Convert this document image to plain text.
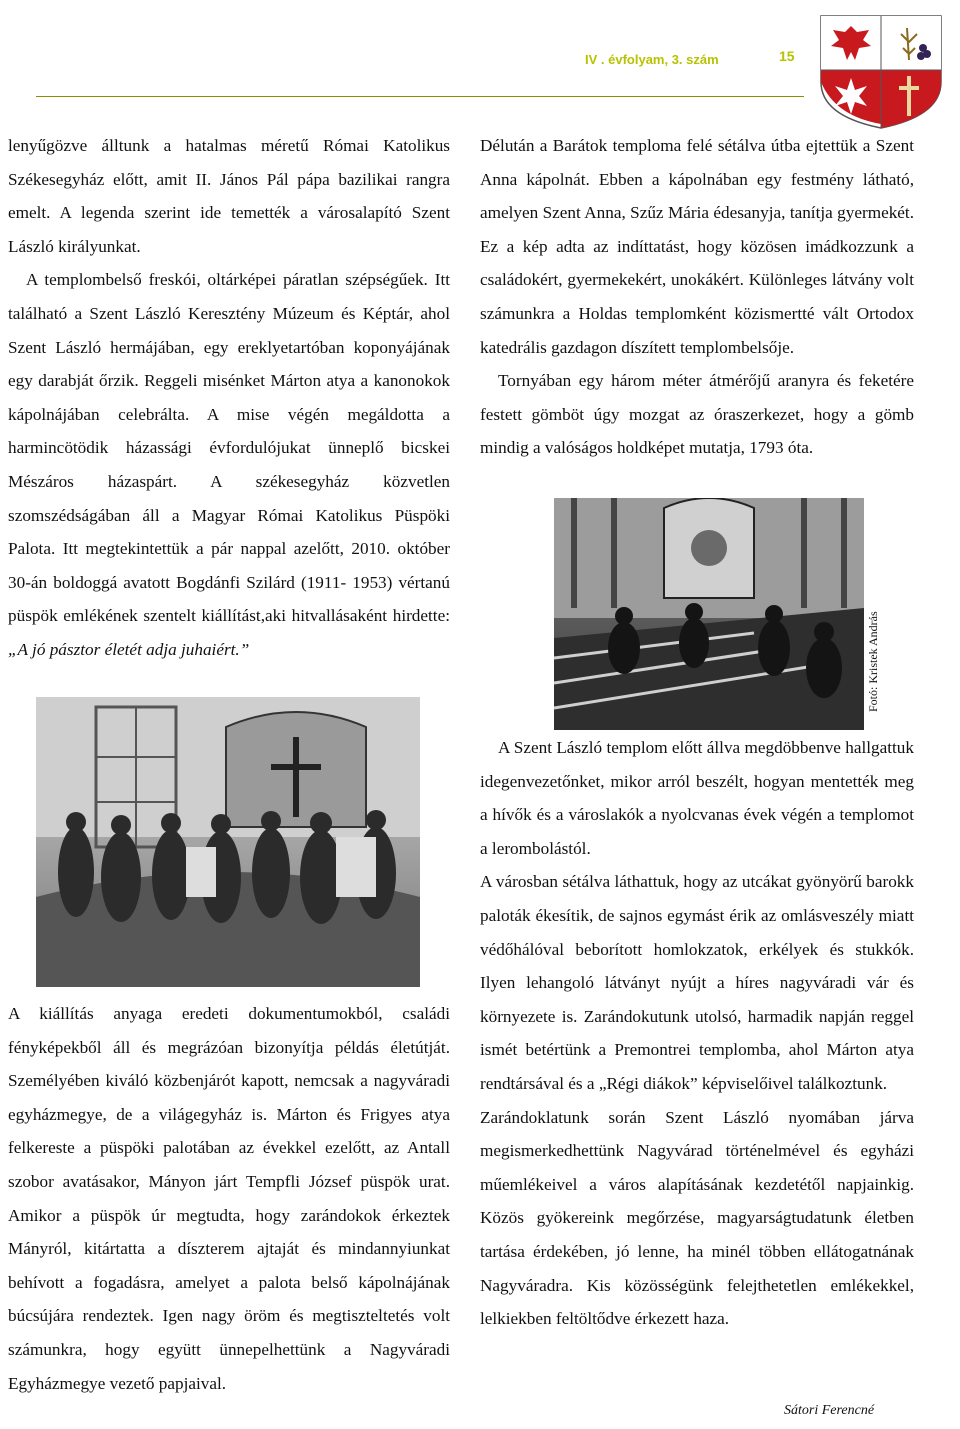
IV . évfolyam, 3. szám	15

lenyűgözve álltunk a hatalmas méretű Római Katolikus Székesegyház előtt, amit II. János Pál pápa bazilikai rangra emelt. A legenda szerint ide temették a városalapító Szent László királyunkat.

A templombelső freskói, oltárképei páratlan szépségűek. Itt található a Szent László Keresztény Múzeum és Képtár, ahol Szent László hermájában, egy ereklyetartóban koponyájának egy darabját őrzik. Reggeli misénket Márton atya a kanonokok kápolnájában celebrálta. A mise végén megáldotta a harmincötödik házassági évfordulójukat ünneplő bicskei Mészáros házaspárt. A székesegyház közvetlen szomszédságában áll a Magyar Római Katolikus Püspöki Palota. Itt megtekintettük a pár nappal azelőtt, 2010. október 30-án boldoggá avatott Bogdánfi Szilárd (1911- 1953) vértanú püspök emlékének szentelt kiállítást,aki hitvallásaként hirdette: „A jó pásztor életét adja juhaiért.”

A kiállítás anyaga eredeti dokumentumokból, családi fényképekből áll és megrázóan bizonyítja példás életútját. Személyében kiváló közbenjárót kapott, nemcsak a nagyváradi egyházmegye, de a világegyház is. Márton és Frigyes atya felkereste a püspöki palotában az évekkel ezelőtt, az Antall szobor avatásakor, Mányon járt Tempfli József püspök urat. Amikor a püspök úr megtudta, hogy zarándokok érkeztek Mányról, kitártatta a díszterem ajtaját és mindannyiunkat behívott a fogadásra, amelyet a palota belső kápolnájának búcsújára rendeztek. Igen nagy öröm és megtiszteltetés volt számunkra, hogy együtt ünnepelhettünk a Nagyváradi Egyházmegye vezető papjaival.

Délután a Barátok temploma felé sétálva útba ejtettük a Szent Anna kápolnát. Ebben a kápolnában egy festmény látható, amelyen Szent Anna, Szűz Mária édesanyja, tanítja gyermekét. Ez a kép adta az indíttatást, hogy közösen imádkozzunk a családokért, gyermekekért, unokákért. Különleges látvány volt számunkra a Holdas templomként közismertté vált Ortodox katedrális gazdagon díszített templombelsője.

Tornyában egy három méter átmérőjű aranyra és feketére festett gömböt úgy mozgat az óraszerkezet, hogy a gömb mindig a valóságos holdképet mutatja, 1793 óta.

Fotó: Kristek András

A Szent László templom előtt állva megdöbbenve hallgattuk idegenvezetőnket, mikor arról beszélt, hogyan mentették meg a hívők és a városlakók a nyolcvanas évek végén a templomot a lerombolástól.

A városban sétálva láthattuk, hogy az utcákat gyönyörű barokk paloták ékesítik, de sajnos egymást érik az omlásveszély miatt védőhálóval beborított homlokzatok, erkélyek és stukkók. Ilyen lehangoló látványt nyújt a híres nagyváradi vár és környezete is. Zarándokutunk utolsó, harmadik napján reggel ismét betértünk a Premontrei templomba, ahol Márton atya rendtársával és a „Régi diákok” képviselőivel találkoztunk.

Zarándoklatunk során Szent László nyomában járva megismerkedhettünk Nagyvárad történelmével és egyházi műemlékeivel a város alapításának kezdetétől napjainkig. Közös gyökereink megőrzése, magyarságtudatunk életben tartása érdekében, jó lenne, ha minél többen ellátogatnának Nagyváradra. Kis közösségünk felejthetetlen emlékekkel, lelkiekben feltöltődve érkezett haza.

Sátori Ferencné
